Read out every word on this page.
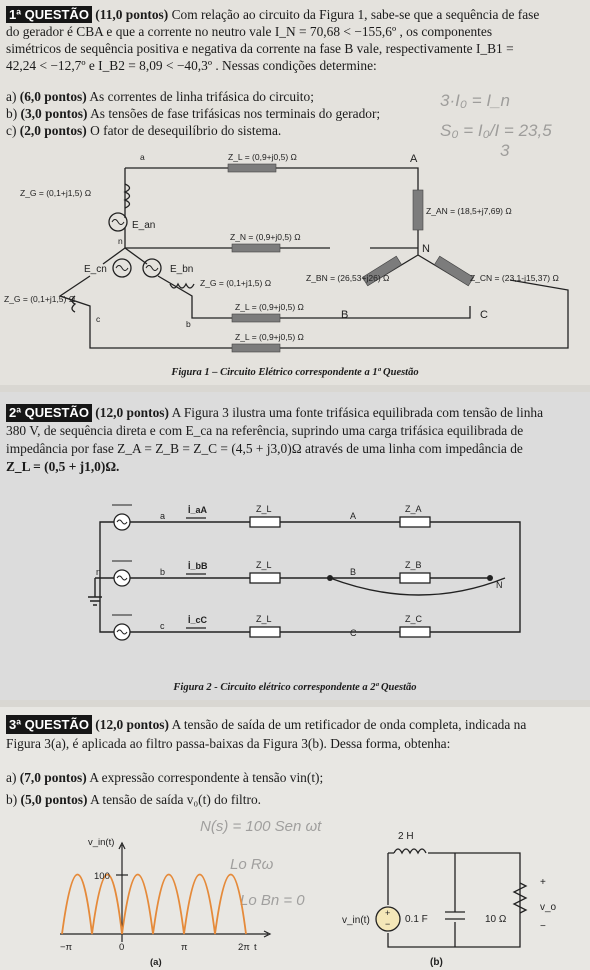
1ª QUESTÃO (11,0 pontos) Com relação ao circuito da Figura 1, sabe-se que a sequência de fase
do gerador é CBA e que a corrente no neutro vale I_N = 70,68 < −155,6º , os componentes
simétricos de sequência positiva e negativa da corrente na fase B vale, respectivamente I_B1 =
42,24 < −12,7º e I_B2 = 8,09 < −40,3º . Nessas condições determine:

a) (6,0 pontos) As correntes de linha trifásica do circuito;
b) (3,0 pontos) As tensões de fase trifásicas nos terminais do gerador;
c) (2,0 pontos) O fator de desequilíbrio do sistema.
3·I₀ = I_n
S₀ = I₀/I = 23,5
3
a	A
Z_L = (0,9+j0,5) Ω
Z_G = (0,1+j1,5) Ω
E_an
Z_N = (0,9+j0,5) Ω
n
Z_AN = (18,5+j7,69) Ω
N
E_cn	E_bn
Z_G = (0,1+j1,5) Ω	Z_BN = (26,53+j26) Ω	Z_CN = (23,1-j15,37) Ω
Z_G = (0,1+j1,5) Ω
Z_L = (0,9+j0,5) Ω
B	C
c	b
Z_L = (0,9+j0,5) Ω
Figura 1 – Circuito Elétrico correspondente a 1ª Questão

2ª QUESTÃO (12,0 pontos) A Figura 3 ilustra uma fonte trifásica equilibrada com tensão de linha
380 V, de sequência direta e com E_ca na referência, suprindo uma carga trifásica equilibrada de
impedância por fase Z_A = Z_B = Z_C = (4,5 + j3,0)Ω através de uma linha com impedância de
Z_L = (0,5 + j1,0)Ω.

a
b
c
n
İ_aA
İ_bB
İ_cC
Z_L
Z_L
Z_L
A
B
C
N
Z_A
Z_B
Z_C
Figura 2 - Circuito elétrico correspondente a 2ª Questão

3ª QUESTÃO (12,0 pontos) A tensão de saída de um retificador de onda completa, indicada na
Figura 3(a), é aplicada ao filtro passa-baixas da Figura 3(b). Dessa forma, obtenha:

a) (7,0 pontos) A expressão correspondente à tensão vin(t);
b) (5,0 pontos) A tensão de saída v₀(t) do filtro.
N(s) = 100 Sen ωt
Lo Rω
Lo Bn = 0
v_in(t)
100
−π	0	π	2π t
(a)
+
−
2 H
v_in(t)	0.1 F	10 Ω
+
v_o
−
(b)
